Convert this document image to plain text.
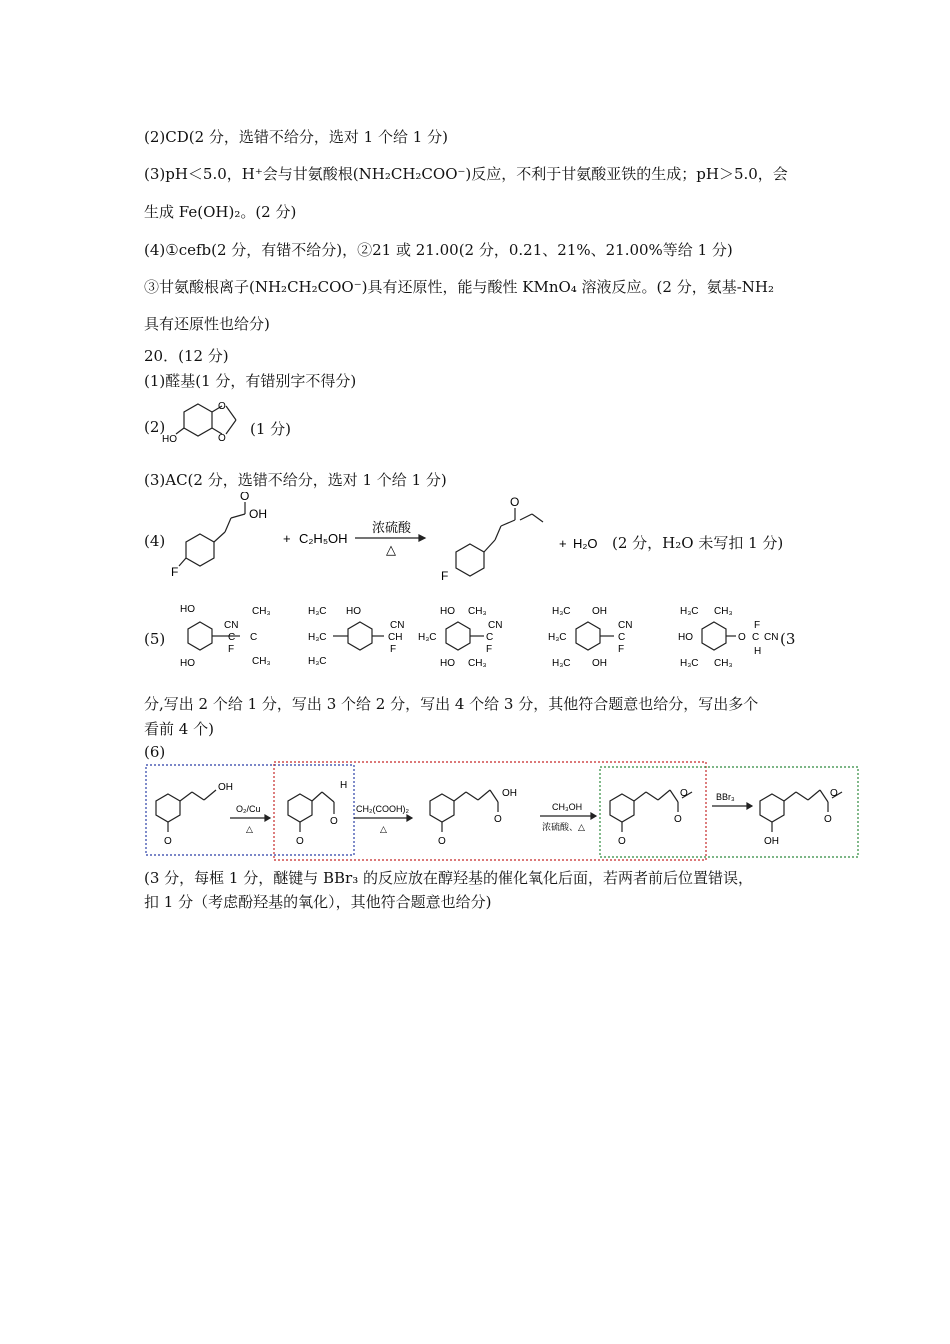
(2)CD(2 分，选错不给分，选对 1 个给 1 分)
(3)pH＜5.0，H⁺会与甘氨酸根(NH₂CH₂COO⁻)反应，不利于甘氨酸亚铁的生成；pH＞5.0，会
生成 Fe(OH)₂。(2 分)
(4)①cefb(2 分，有错不给分)，②21 或 21.00(2 分，0.21、21%、21.00%等给 1 分)
③甘氨酸根离子(NH₂CH₂COO⁻)具有还原性，能与酸性 KMnO₄ 溶液反应。(2 分，氨基-NH₂
具有还原性也给分)
20．(12 分)
(1)醛基(1 分，有错别字不得分)
(2)
O
O
HO
(1 分)
(3)AC(2 分，选错不给分，选对 1 个给 1 分)
(4)
O
OH
F
+ C₂H₅OH
浓硫酸
△
O
F
+ H₂O (2 分，H₂O 未写扣 1 分)
(5)
HO
HO
CN
C
F
CH₃
C
CH₃
H₃C
H₃C
H₃C
HO
CN
CH
F
HO CH₃
H₃C
CN
C
F
HO CH₃
H₃C OH
H₃C
CN
C
F
H₃C OH
H₃C CH₃
HO	O
F
C CN
H
H₃C CH₃
(3
分,写出 2 个给 1 分，写出 3 个给 2 分，写出 4 个给 3 分，其他符合题意也给分，写出多个
看前 4 个)
(6)
OH
O
O₂/Cu
△
H
O
O
CH₂(COOH)₂
△
OH
O
O
CH₃OH
浓硫酸、△
O
O
O
BBr₃	O
O
OH
(3 分，每框 1 分，醚键与 BBr₃ 的反应放在醇羟基的催化氧化后面，若两者前后位置错误，
扣 1 分（考虑酚羟基的氧化），其他符合题意也给分)
